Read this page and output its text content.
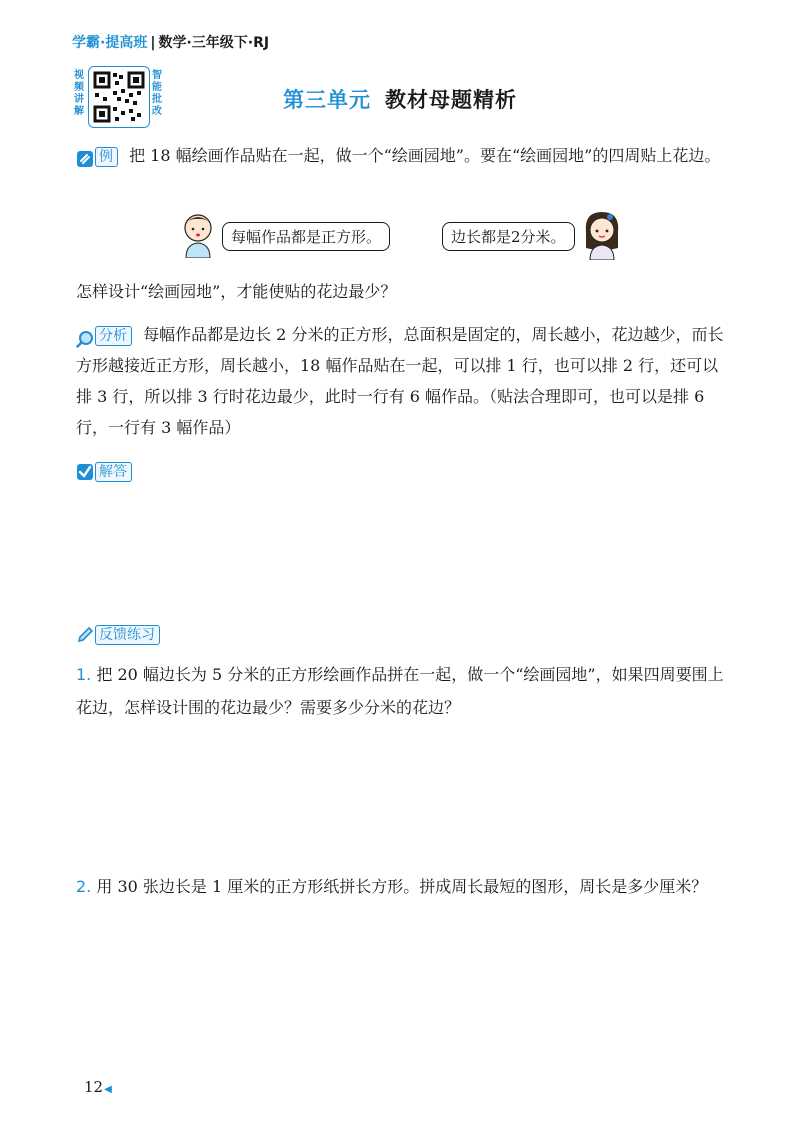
学霸·提高班 | 数学·三年级下·RJ
视频讲解
智能批改	第三单元 教材母题精析
例 把 18 幅绘画作品贴在一起，做一个“绘画园地”。要在“绘画园地”的四周贴上花边。
每幅作品都是正方形。	边长都是2分米。
怎样设计“绘画园地”，才能使贴的花边最少？
分析 每幅作品都是边长 2 分米的正方形，总面积是固定的，周长越小，花边越少，而长方形越接近正方形，周长越小，18 幅作品贴在一起，可以排 1 行，也可以排 2 行，还可以排 3 行，所以排 3 行时花边最少，此时一行有 6 幅作品。（贴法合理即可，也可以是排 6 行，一行有 3 幅作品）
解答
反馈练习
1. 把 20 幅边长为 5 分米的正方形绘画作品拼在一起，做一个“绘画园地”，如果四周要围上花边，怎样设计围的花边最少？需要多少分米的花边？
2. 用 30 张边长是 1 厘米的正方形纸拼长方形。拼成周长最短的图形，周长是多少厘米？
12◀
